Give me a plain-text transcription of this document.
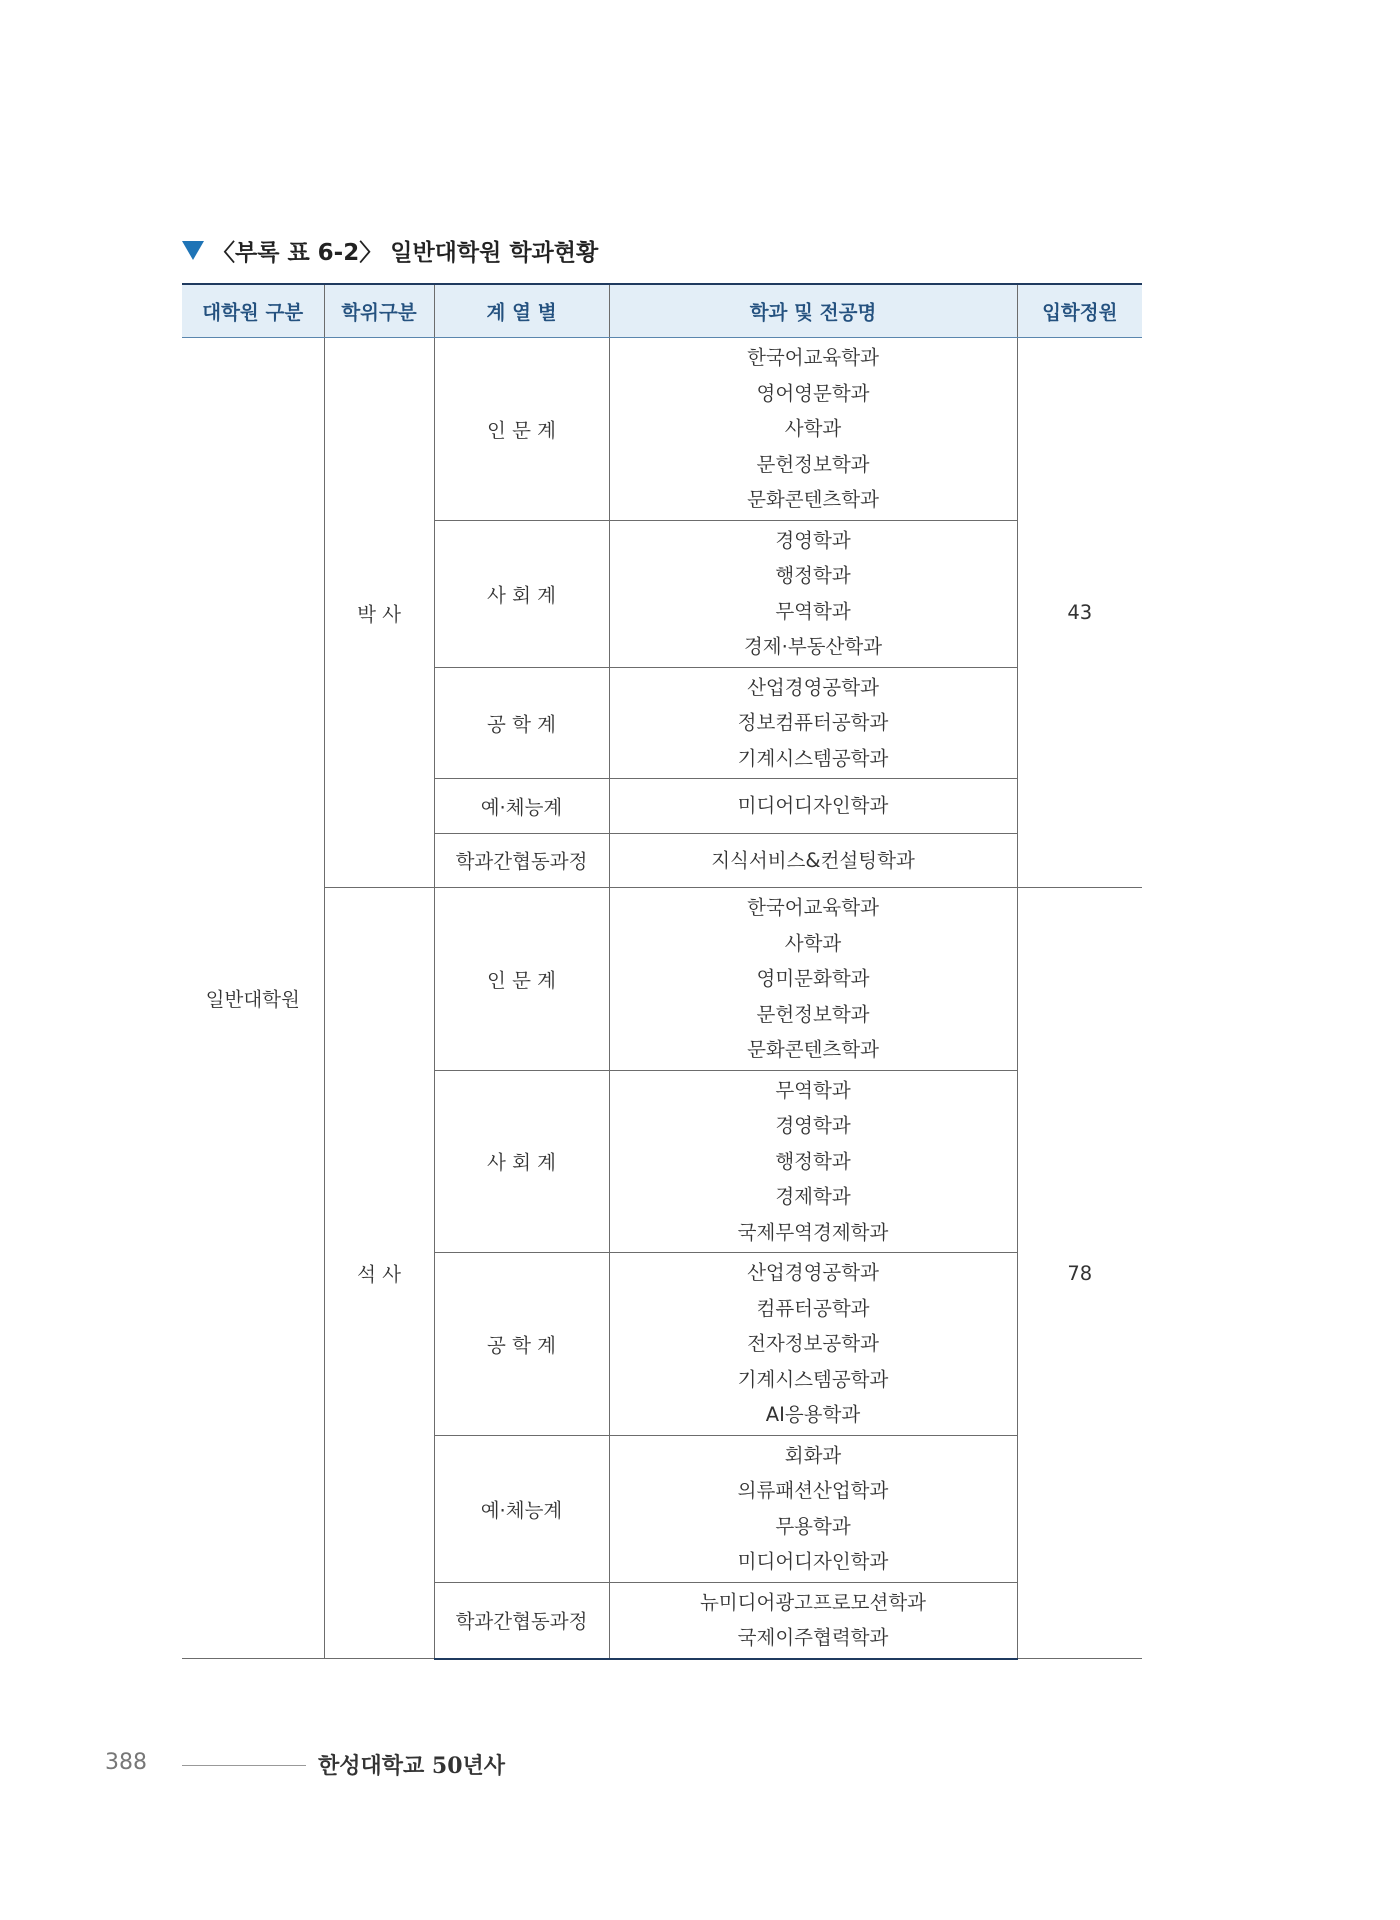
〈부록 표 6-2〉 일반대학원 학과현황
대학원 구분	학위구분	계 열 별	학과 및 전공명	입학정원
일반대학원	박 사	인 문 계	한국어교육학과
영어영문학과
사학과
문헌정보학과
문화콘텐츠학과	43
		사 회 계	경영학과
행정학과
무역학과
경제·부동산학과	

		공 학 계	산업경영공학과
정보컴퓨터공학과
기계시스템공학과	

		예·체능계	미디어디자인학과	

		학과간협동과정	지식서비스&컨설팅학과	

	석 사	인 문 계	한국어교육학과
사학과
영미문화학과
문헌정보학과
문화콘텐츠학과	78
		사 회 계	무역학과
경영학과
행정학과
경제학과
국제무역경제학과	

		공 학 계	산업경영공학과
컴퓨터공학과
전자정보공학과
기계시스템공학과
AI응용학과	

		예·체능계	회화과
의류패션산업학과
무용학과
미디어디자인학과	

		학과간협동과정	뉴미디어광고프로모션학과
국제이주협력학과	
388	한성대학교 50년사
